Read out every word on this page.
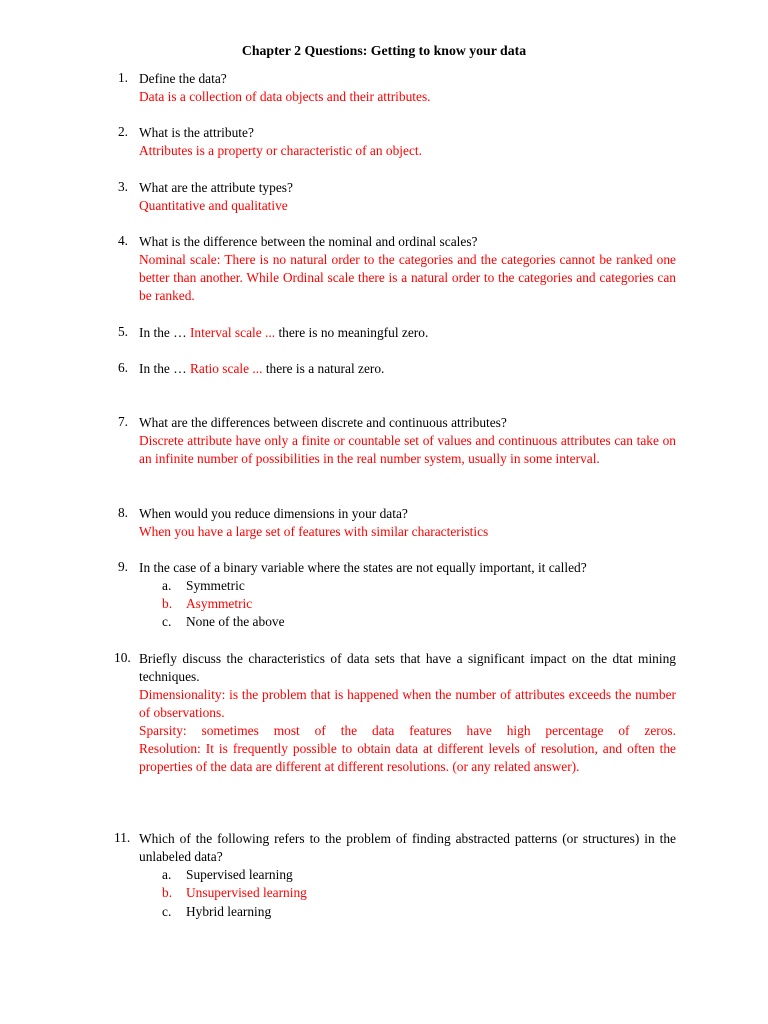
Chapter 2 Questions: Getting to know your data
1. Define the data?
Data is a collection of data objects and their attributes.
2. What is the attribute?
Attributes is a property or characteristic of an object.
3. What are the attribute types?
Quantitative and qualitative
4. What is the difference between the nominal and ordinal scales?
Nominal scale: There is no natural order to the categories and the categories cannot be ranked one better than another. While Ordinal scale there is a natural order to the categories and categories can be ranked.
5. In the … Interval scale ... there is no meaningful zero.
6. In the … Ratio scale ... there is a natural zero.
7. What are the differences between discrete and continuous attributes?
Discrete attribute have only a finite or countable set of values and continuous attributes can take on an infinite number of possibilities in the real number system, usually in some interval.
8. When would you reduce dimensions in your data?
When you have a large set of features with similar characteristics
9. In the case of a binary variable where the states are not equally important, it called?
a. Symmetric
b. Asymmetric
c. None of the above
10. Briefly discuss the characteristics of data sets that have a significant impact on the dtat mining techniques.
Dimensionality: is the problem that is happened when the number of attributes exceeds the number of observations.
Sparsity: sometimes most of the data features have high percentage of zeros.
Resolution: It is frequently possible to obtain data at different levels of resolution, and often the properties of the data are different at different resolutions. (or any related answer).
11. Which of the following refers to the problem of finding abstracted patterns (or structures) in the unlabeled data?
a. Supervised learning
b. Unsupervised learning
c. Hybrid learning
